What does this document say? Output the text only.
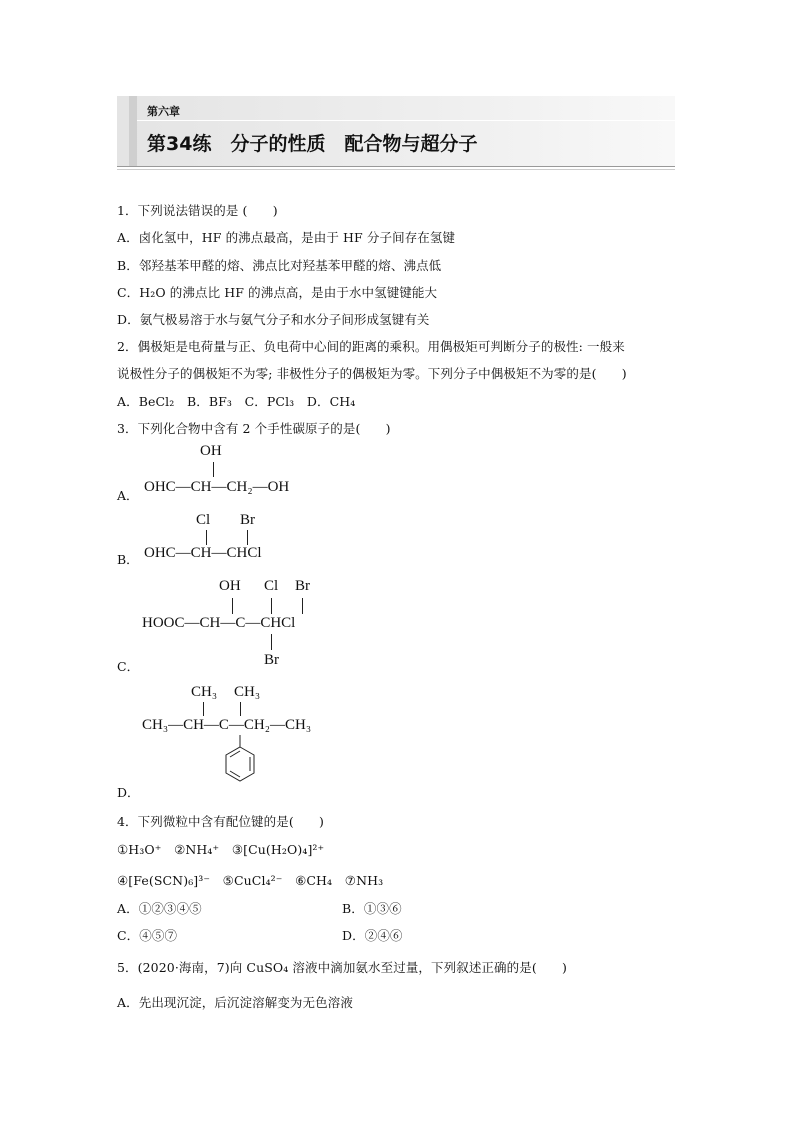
第六章
第34练　分子的性质　配合物与超分子
1．下列说法错误的是 (　　)
A．卤化氢中，HF 的沸点最高，是由于 HF 分子间存在氢键
B．邻羟基苯甲醛的熔、沸点比对羟基苯甲醛的熔、沸点低
C．H₂O 的沸点比 HF 的沸点高，是由于水中氢键键能大
D．氨气极易溶于水与氨气分子和水分子间形成氢键有关
2．偶极矩是电荷量与正、负电荷中心间的距离的乘积。用偶极矩可判断分子的极性: 一般来
说极性分子的偶极矩不为零; 非极性分子的偶极矩为零。下列分子中偶极矩不为零的是(　　)
A．BeCl₂　B．BF₃　C．PCl₃　D．CH₄
3．下列化合物中含有 2 个手性碳原子的是(　　)
A．
OH
OHC—CH—CH₂—OH
B．
Cl Br
OHC—CH—CHCl
C．
OH Cl Br
HOOC—CH—C—CHCl
Br
D．
CH₃ CH₃
CH₃—CH—C—CH₂—CH₃
4．下列微粒中含有配位键的是(　　)
①H₃O⁺　②NH₄⁺　③[Cu(H₂O)₄]²⁺
④[Fe(SCN)₆]³⁻　⑤CuCl₄²⁻　⑥CH₄　⑦NH₃
A．①②③④⑤	B．①③⑥
C．④⑤⑦	D．②④⑥
5．(2020·海南，7)向 CuSO₄ 溶液中滴加氨水至过量，下列叙述正确的是(　　)
A．先出现沉淀，后沉淀溶解变为无色溶液
